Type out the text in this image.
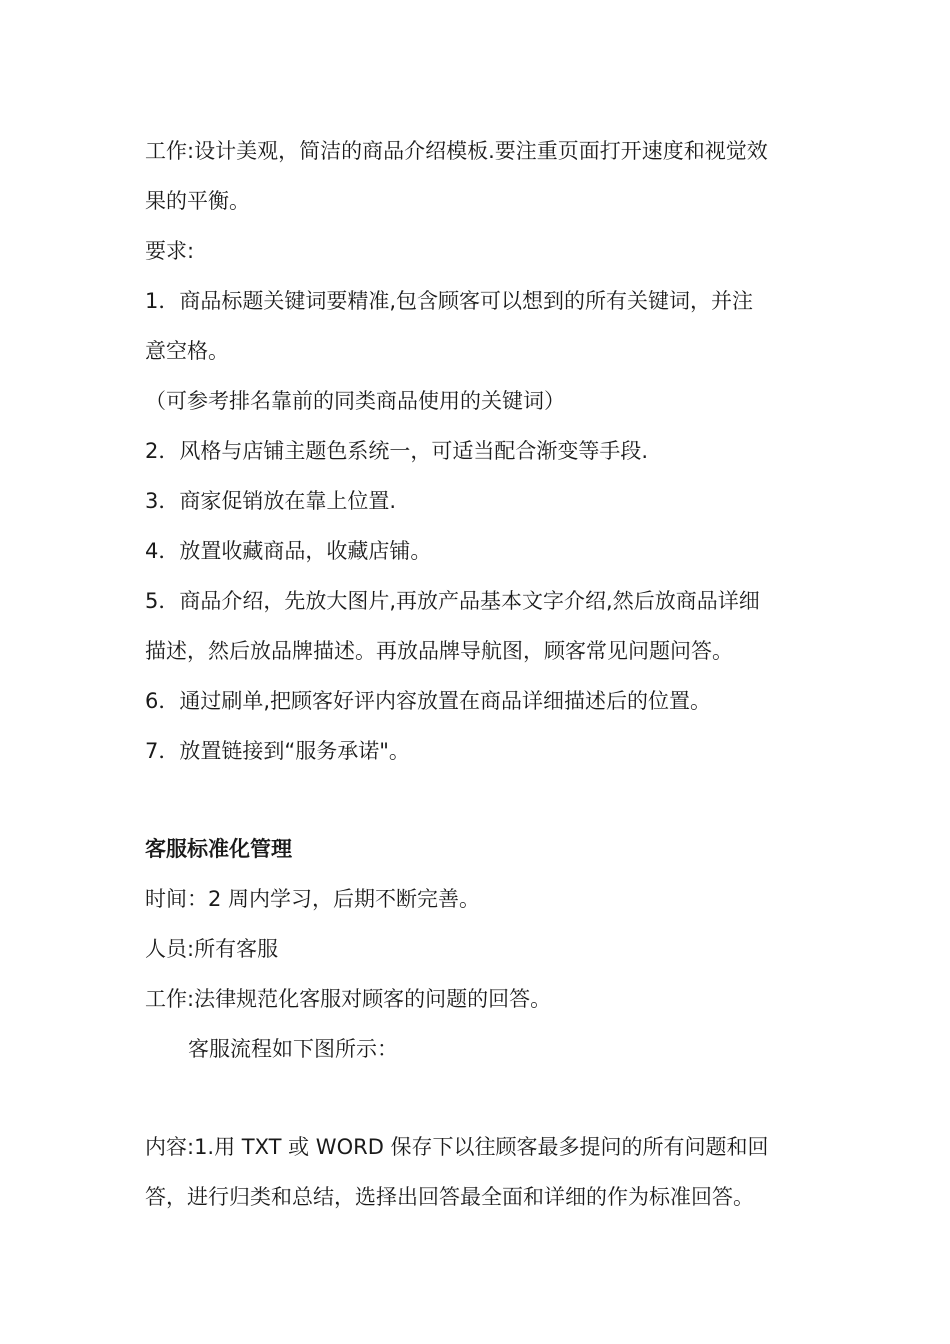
工作:设计美观，简洁的商品介绍模板.要注重页面打开速度和视觉效
果的平衡。
要求:
1．商品标题关键词要精准,包含顾客可以想到的所有关键词，并注
意空格。
（可参考排名靠前的同类商品使用的关键词）
2．风格与店铺主题色系统一，可适当配合渐变等手段.
3．商家促销放在靠上位置.
4．放置收藏商品，收藏店铺。
5．商品介绍，先放大图片,再放产品基本文字介绍,然后放商品详细
描述，然后放品牌描述。再放品牌导航图，顾客常见问题问答。
6．通过刷单,把顾客好评内容放置在商品详细描述后的位置。
7．放置链接到“服务承诺"。
客服标准化管理
时间：2 周内学习，后期不断完善。
人员:所有客服
工作:法律规范化客服对顾客的问题的回答。
客服流程如下图所示：
内容:1.用 TXT 或 WORD 保存下以往顾客最多提问的所有问题和回
答，进行归类和总结，选择出回答最全面和详细的作为标准回答。
